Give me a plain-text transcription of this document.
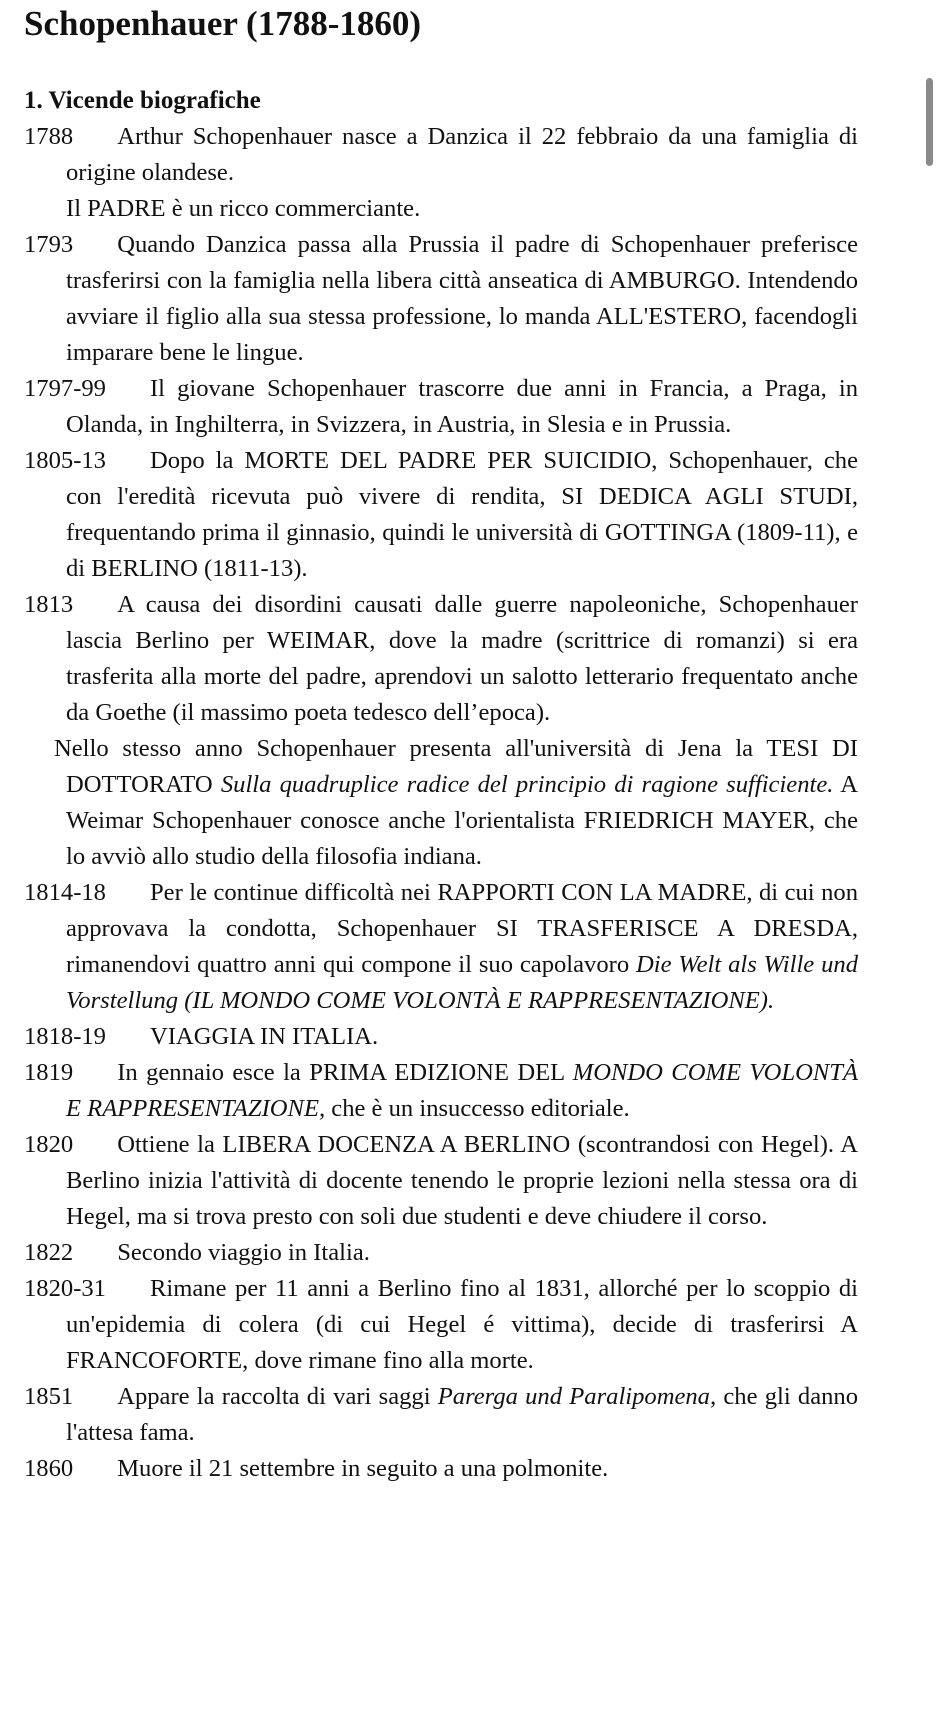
Schopenhauer (1788-1860)
1. Vicende biografiche

1788 Arthur Schopenhauer nasce a Danzica il 22 febbraio da una famiglia di origine olandese.

Il PADRE è un ricco commerciante.

1793 Quando Danzica passa alla Prussia il padre di Schopenhauer preferisce trasferirsi con la famiglia nella libera città anseatica di AMBURGO. Intendendo avviare il figlio alla sua stessa professione, lo manda ALL'ESTERO, facendogli imparare bene le lingue.

1797-99 Il giovane Schopenhauer trascorre due anni in Francia, a Praga, in Olanda, in Inghilterra, in Svizzera, in Austria, in Slesia e in Prussia.

1805-13 Dopo la MORTE DEL PADRE PER SUICIDIO, Schopenhauer, che con l'eredità ricevuta può vivere di rendita, SI DEDICA AGLI STUDI, frequentando prima il ginnasio, quindi le università di GOTTINGA (1809-11), e di BERLINO (1811-13).

1813 A causa dei disordini causati dalle guerre napoleoniche, Schopenhauer lascia Berlino per WEIMAR, dove la madre (scrittrice di romanzi) si era trasferita alla morte del padre, aprendovi un salotto letterario frequentato anche da Goethe (il massimo poeta tedesco dell’epoca).

Nello stesso anno Schopenhauer presenta all'università di Jena la TESI DI DOTTORATO Sulla quadruplice radice del principio di ragione sufficiente. A Weimar Schopenhauer conosce anche l'orientalista FRIEDRICH MAYER, che lo avviò allo studio della filosofia indiana.

1814-18 Per le continue difficoltà nei RAPPORTI CON LA MADRE, di cui non approvava la condotta, Schopenhauer SI TRASFERISCE A DRESDA, rimanendovi quattro anni qui compone il suo capolavoro Die Welt als Wille und Vorstellung (IL MONDO COME VOLONTÀ E RAPPRESENTAZIONE).

1818-19 VIAGGIA IN ITALIA.

1819 In gennaio esce la PRIMA EDIZIONE DEL MONDO COME VOLONTÀ E RAPPRESENTAZIONE, che è un insuccesso editoriale.

1820 Ottiene la LIBERA DOCENZA A BERLINO (scontrandosi con Hegel). A Berlino inizia l'attività di docente tenendo le proprie lezioni nella stessa ora di Hegel, ma si trova presto con soli due studenti e deve chiudere il corso.

1822 Secondo viaggio in Italia.

1820-31 Rimane per 11 anni a Berlino fino al 1831, allorché per lo scoppio di un'epidemia di colera (di cui Hegel é vittima), decide di trasferirsi A FRANCOFORTE, dove rimane fino alla morte.

1851 Appare la raccolta di vari saggi Parerga und Paralipomena, che gli danno l'attesa fama.

1860 Muore il 21 settembre in seguito a una polmonite.
